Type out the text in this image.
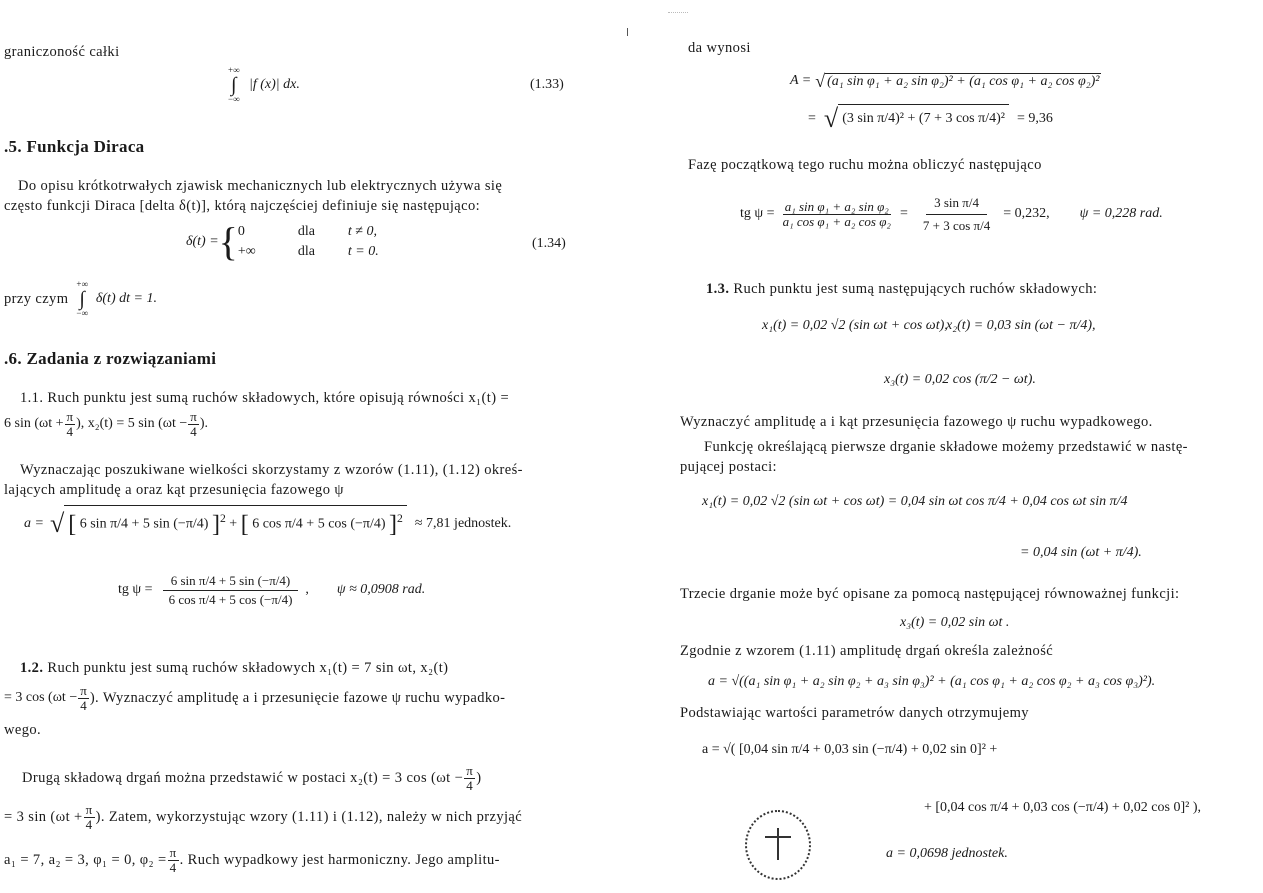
graniczoność całki
+∞
∫
−∞
|f (x)| dx.	(1.33)
.5. Funkcja Diraca
Do opisu krótkotrwałych zjawisk mechanicznych lub elektrycznych używa się
często funkcji Diraca [delta δ(t)], którą najczęściej definiuje się następująco:
δ(t) = { 0	dla	t ≠ 0,
+∞	dla	t = 0.
(1.34)
przy czym
+∞
∫
−∞
δ(t) dt = 1.
.6. Zadania z rozwiązaniami
1.1. Ruch punktu jest sumą ruchów składowych, które opisują równości x₁(t) =
6 $\sin (\omega t + \frac{\pi}{4}$ ), x₂(t) = 5 $\sin (\omega t - \frac{\pi}{4}$ ).
Wyznaczając poszukiwane wielkości skorzystamy z wzorów (1.11), (1.12) okreś-
lających amplitudę a oraz kąt przesunięcia fazowego ψ
a = √ [ 6 sin π/4 + 5 sin (−π/4) ]$^2$ + [ 6 cos π/4 + 5 cos (−π/4) ]$^2$ ≈ 7,81 jednostek.
tg $\psi = \frac{\text{6 sin π/4 + 5 sin (−π/4)}}{\text{6 cos π/4 + 5 cos (−π/4)}}$ , ψ ≈ 0,0908 rad.
1.2. Ruch punktu jest sumą ruchów składowych x₁(t) = 7 sin ωt, x₂(t)
= 3 $\cos (\omega t - \frac{\pi}{4}$ ). Wyznaczyć amplitudę a i przesunięcie fazowe ψ ruchu wypadko-
wego.
Drugą składową drgań można przedstawić w postaci x₂(t) = 3 $\cos (\omega t - \frac{\pi}{4}$ )
= 3 $\sin (\omega t + \frac{\pi}{4}$ ). Zatem, wykorzystując wzory (1.11) i (1.12), należy w nich przyjąć
a₁ = 7, a₂ = 3, φ₁ = 0, $\varphi_2 = \frac{\pi}{4}$ . Ruch wypadkowy jest harmoniczny. Jego amplitu-
da wynosi
A = √ (a₁ sin φ₁ + a₂ sin φ₂)² + (a₁ cos φ₁ + a₂ cos φ₂)²
= √ (3 sin π/4)² + (7 + 3 cos π/4)² = 9,36
Fazę początkową tego ruchu można obliczyć następująco
tg $\psi = \frac{\text{a₁ sin φ₁ + a₂ sin φ₂}}{\text{a₁ cos φ₁ + a₂ cos φ₂}} = \frac{\text{3 sin π/4}}{\text{7 + 3 cos π/4}} = 0,232$, ψ = 0,228 rad.
1.3. Ruch punktu jest sumą następujących ruchów składowych:
x₁(t) = 0,02 √2 (sin ωt + cos ωt),
x₂(t) = 0,03 sin (ωt − π/4),
x₃(t) = 0,02 cos (π/2 − ωt).
Wyznaczyć amplitudę a i kąt przesunięcia fazowego ψ ruchu wypadkowego.
Funkcję określającą pierwsze drganie składowe możemy przedstawić w nastę-
pującej postaci:
x₁(t) = 0,02 √2 (sin ωt + cos ωt) = 0,04 sin ωt cos π/4 + 0,04 cos ωt sin π/4
= 0,04 sin (ωt + π/4).
Trzecie drganie może być opisane za pomocą następującej równoważnej funkcji:
x₃(t) = 0,02 sin ωt .
Zgodnie z wzorem (1.11) amplitudę drgań określa zależność
a = √((a₁ sin φ₁ + a₂ sin φ₂ + a₃ sin φ₃)² + (a₁ cos φ₁ + a₂ cos φ₂ + a₃ cos φ₃)²).
Podstawiając wartości parametrów danych otrzymujemy
a = √( [0,04 sin π/4 + 0,03 sin (−π/4) + 0,02 sin 0]² +
+ [0,04 cos π/4 + 0,03 cos (−π/4) + 0,02 cos 0]² ),
a = 0,0698 jednostek.
